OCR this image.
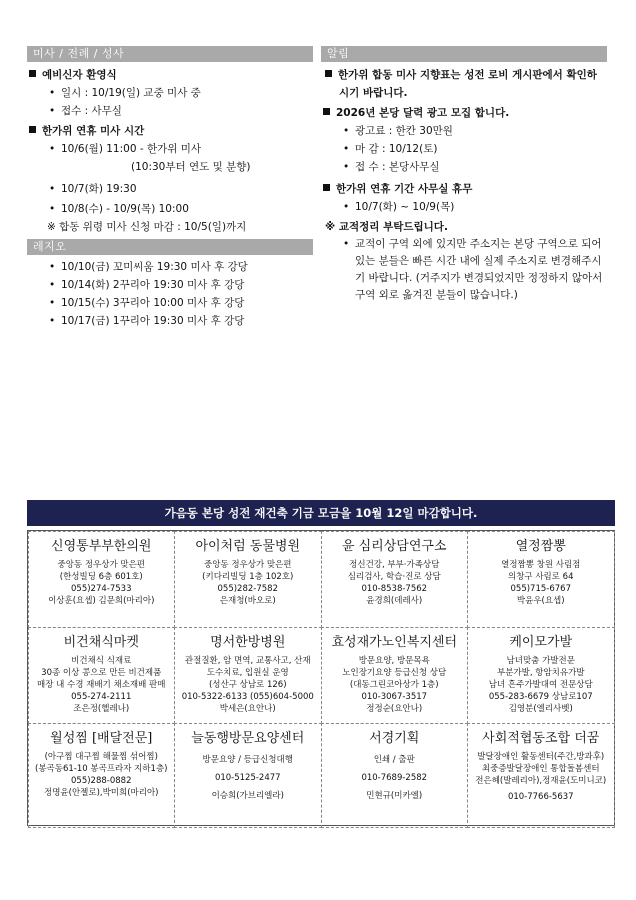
미사 / 전례 / 성사
예비신자 환영식
• 일시 : 10/19(일) 교중 미사 중
• 접수 : 사무실
한가위 연휴 미사 시간
• 10/6(월) 11:00 - 한가위 미사
(10:30부터 연도 및 분향)
• 10/7(화) 19:30
• 10/8(수) - 10/9(목) 10:00
※ 합동 위령 미사 신청 마감 : 10/5(일)까지
레지오
• 10/10(금) 꼬미씨움 19:30 미사 후 강당
• 10/14(화) 2꾸리아 19:30 미사 후 강당
• 10/15(수) 3꾸리아 10:00 미사 후 강당
• 10/17(금) 1꾸리아 19:30 미사 후 강당
알림
한가위 합동 미사 지향표는 성전 로비 게시판에서 확인하시기 바랍니다.
2026년 본당 달력 광고 모집 합니다.
• 광고료 : 한칸 30만원
• 마 감 : 10/12(토)
• 접 수 : 본당사무실
한가위 연휴 기간 사무실 휴무
• 10/7(화) ~ 10/9(목)
※ 교적정리 부탁드립니다.
• 교적이 구역 외에 있지만 주소지는 본당 구역으로 되어 있는 분들은 빠른 시간 내에 실제 주소지로 변경해주시기 바랍니다. (거주지가 변경되었지만 정정하지 않아서 구역 외로 옮겨진 분들이 많습니다.)
가음동 본당 성전 재건축 기금 모금을 10월 12일 마감합니다.
신영통부부한의원
중앙동 정우상가 맞은편
(한성빌딩 6층 601호)
055)274-7533
이상훈(요셉) 김문희(마리아)
아이처럼 동물병원
중앙동 정우상가 맞은편
(키다리빌딩 1층 102호)
055)282-7582
은재청(바오로)
윤 심리상담연구소
정신건강, 부부·가족상담
심리검사, 학습·진로 상담
010-8538-7562
윤경희(데레사)
열정짬뽕
열정짬뽕 창원 사림점
의창구 사림로 64
055)715-6767
박윤우(요셉)
비건채식마켓
비건채식 식재료
30종 이상 콩으로 만든 비건제품
매장 내 수경 재배기 채소재배 판매
055-274-2111
조은정(헬레나)
명서한방병원
관절질환, 암 면역, 교통사고, 산재
도수치료, 입원실 운영
(성산구 상남로 126)
010-5322-6133 (055)604-5000
박세은(요안나)
효성재가노인복지센터
방문요양, 방문목욕
노인장기요양 등급신청 상담
(대동그린코아상가 1층)
010-3067-3517
정정순(요안나)
케이모가발
남녀맞춤 가발전문
부분가발, 항암치유가발
남녀 흔주가발대여 전문상담
055-283-6679 상남로107
김영분(엘리사벳)
월성찜 [배달전문]
(아구찜 대구찜 해물찜 섞어찜)
(봉곡동61-10 봉곡프라자 지하1층)
055)288-0882
정명윤(안젤로),박미희(마리아)
늘동행방문요양센터
방문요양 / 등급신청대행
010-5125-2477
이승희(가브리엘라)
서경기획
인쇄 / 출판
010-7689-2582
민현규(미카엘)
사회적협동조합 더꿈
발달장애인 활동센터(주간,방과후)
최중증발달장애인 통합돌봄센터
전은혜(발레리아),정재윤(도미니코)
010-7766-5637
